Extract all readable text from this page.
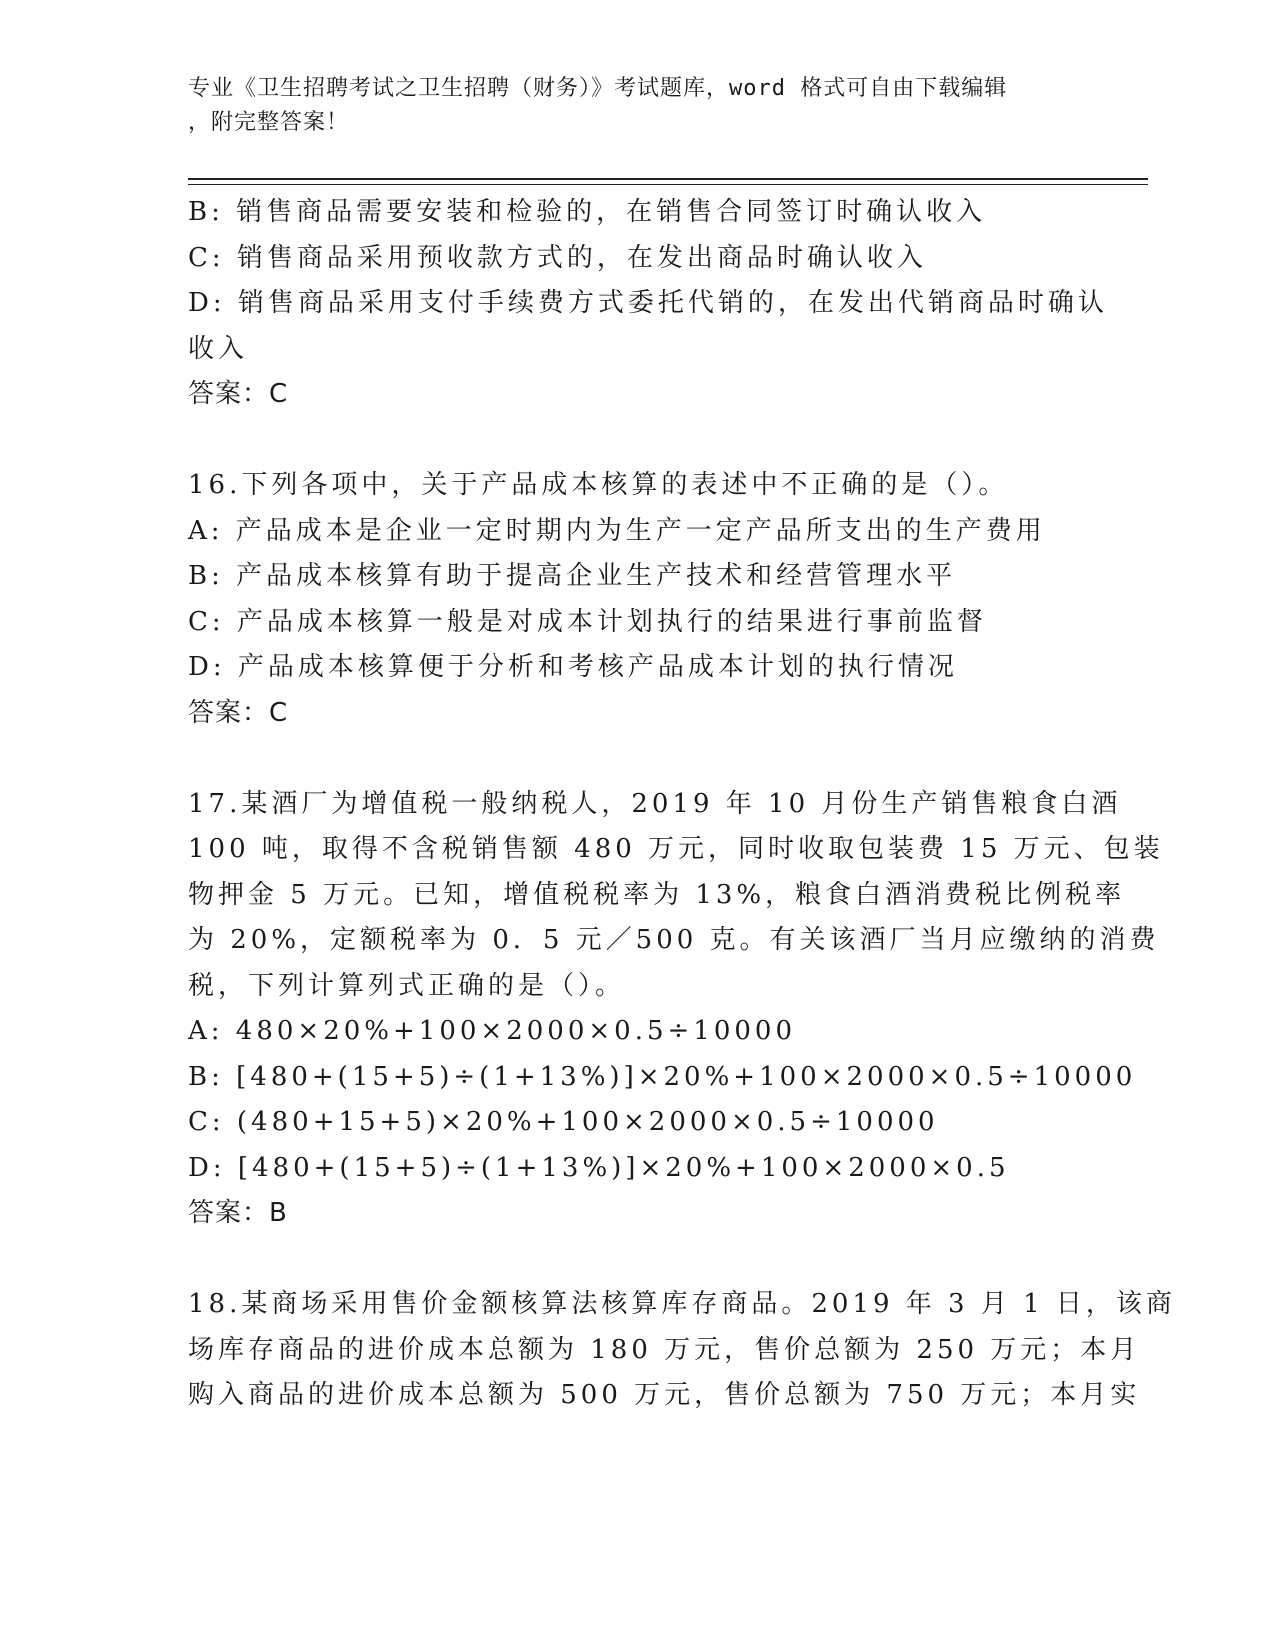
专业《卫生招聘考试之卫生招聘（财务）》考试题库，word 格式可自由下载编辑
，附完整答案！
B: 销售商品需要安装和检验的，在销售合同签订时确认收入
C: 销售商品采用预收款方式的，在发出商品时确认收入
D: 销售商品采用支付手续费方式委托代销的，在发出代销商品时确认
收入
答案：C
16.下列各项中，关于产品成本核算的表述中不正确的是（）。
A: 产品成本是企业一定时期内为生产一定产品所支出的生产费用
B: 产品成本核算有助于提高企业生产技术和经营管理水平
C: 产品成本核算一般是对成本计划执行的结果进行事前监督
D: 产品成本核算便于分析和考核产品成本计划的执行情况
答案：C
17.某酒厂为增值税一般纳税人，2019 年 10 月份生产销售粮食白酒
100 吨，取得不含税销售额 480 万元，同时收取包装费 15 万元、包装
物押金 5 万元。已知，增值税税率为 13%，粮食白酒消费税比例税率
为 20%，定额税率为 0．5 元／500 克。有关该酒厂当月应缴纳的消费
税，下列计算列式正确的是（）。
A: 480×20%+100×2000×0.5÷10000
B: [480+(15+5)÷(1+13%)]×20%+100×2000×0.5÷10000
C: (480+15+5)×20%+100×2000×0.5÷10000
D: [480+(15+5)÷(1+13%)]×20%+100×2000×0.5
答案：B
18.某商场采用售价金额核算法核算库存商品。2019 年 3 月 1 日，该商
场库存商品的进价成本总额为 180 万元，售价总额为 250 万元；本月
购入商品的进价成本总额为 500 万元，售价总额为 750 万元；本月实
